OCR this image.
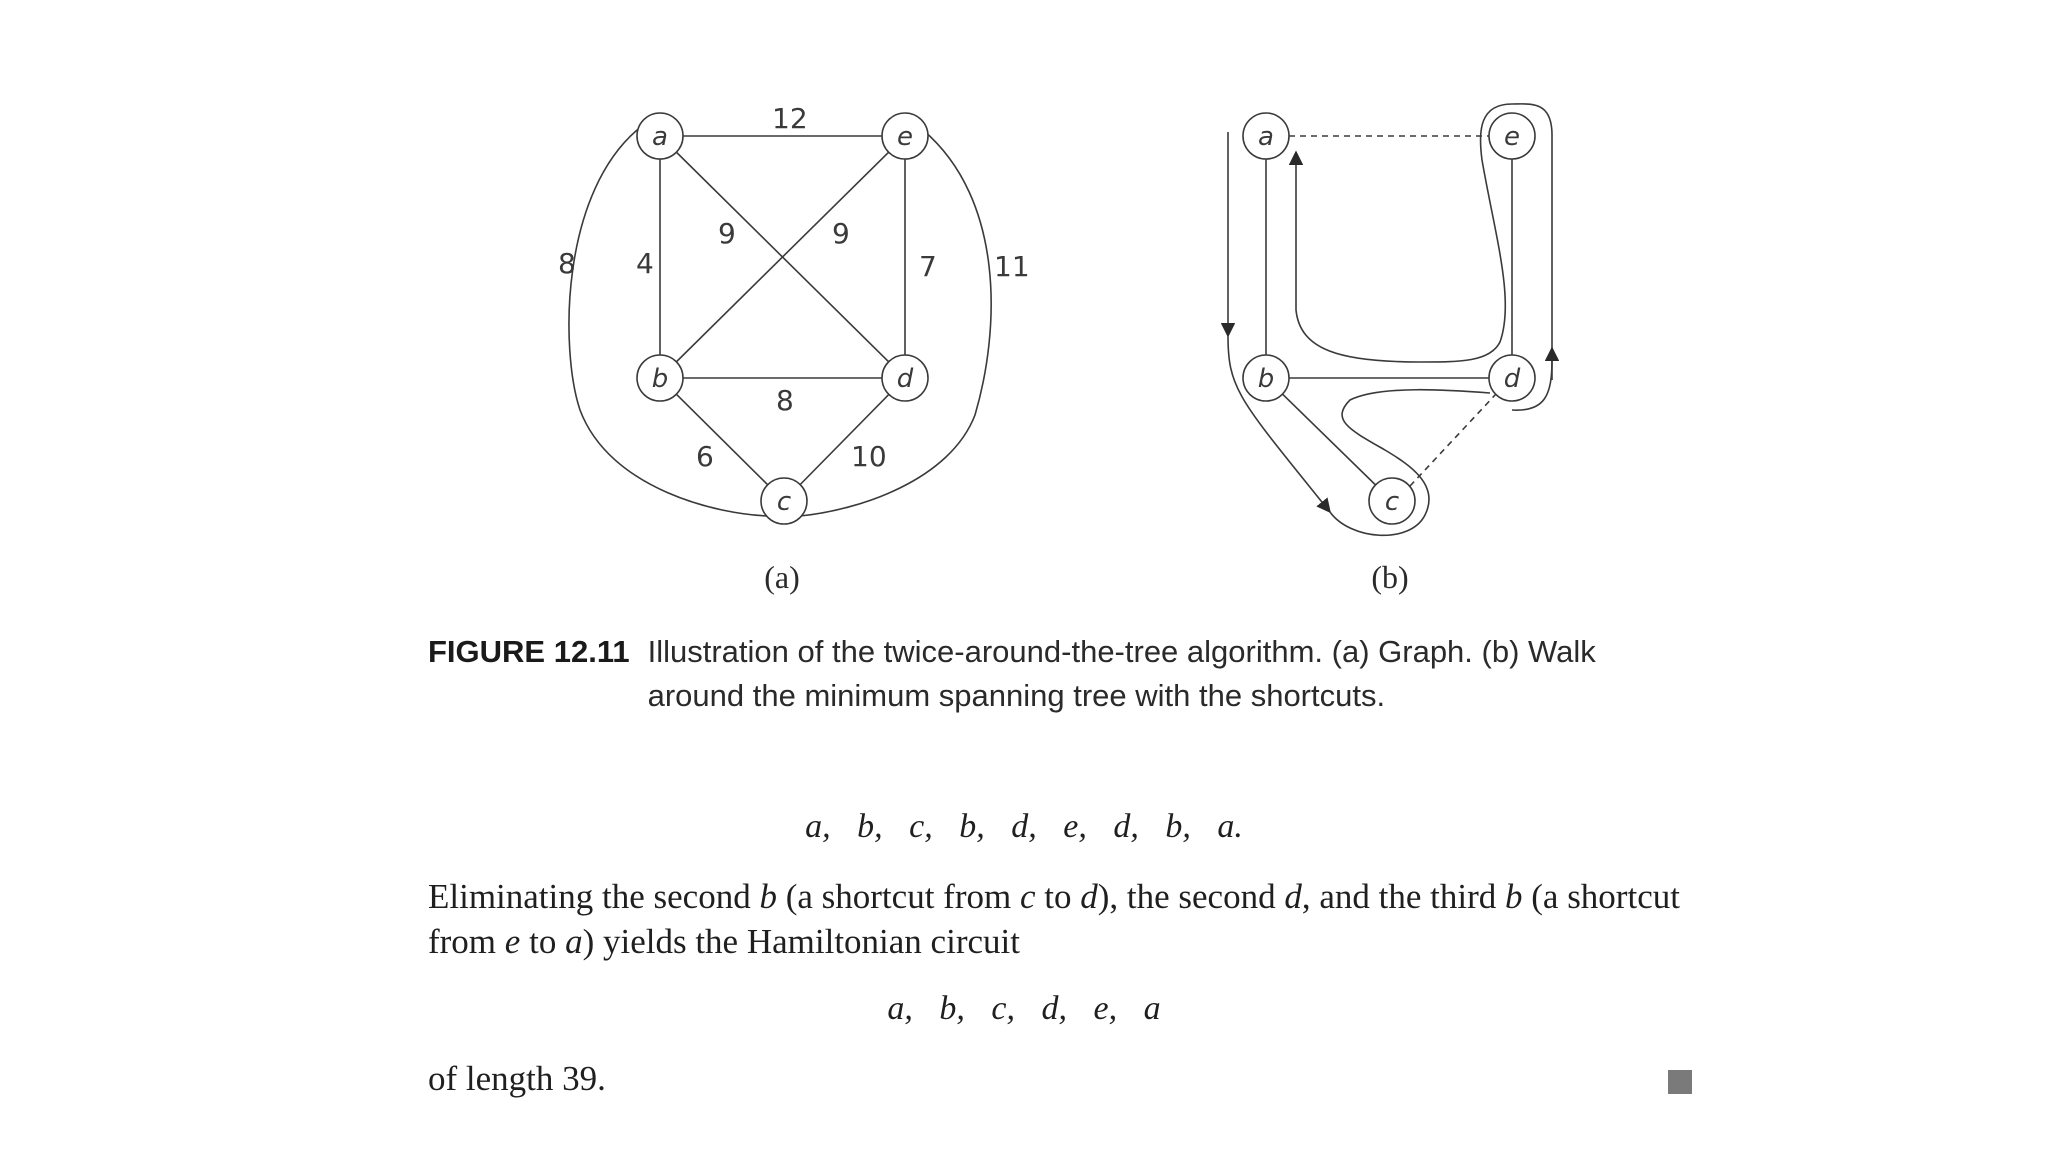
12
8 4
9	9
7 11
8
6	10
a	e
b	d
c
(a)
a	e
b	d
c
(b)
FIGURE 12.11 Illustration of the twice-around-the-tree algorithm. (a) Graph. (b) Walk around the minimum spanning tree with the shortcuts.
a, b, c, b, d, e, d, b, a.
Eliminating the second b (a shortcut from c to d), the second d, and the third b (a shortcut from e to a) yields the Hamiltonian circuit
a, b, c, d, e, a
of length 39.
